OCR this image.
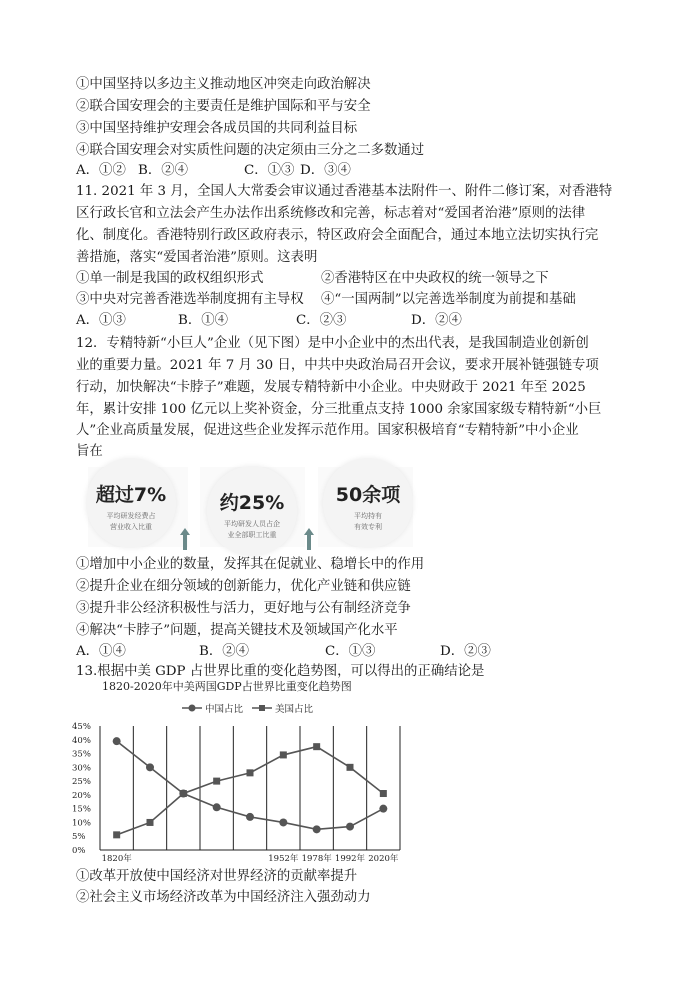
①中国坚持以多边主义推动地区冲突走向政治解决
②联合国安理会的主要责任是维护国际和平与安全
③中国坚持维护安理会各成员国的共同利益目标
④联合国安理会对实质性问题的决定须由三分之二多数通过
A．①② B．②④	C．①③ D．③④
11. 2021 年 3 月，全国人大常委会审议通过香港基本法附件一、附件二修订案，对香港特
区行政长官和立法会产生办法作出系统修改和完善，标志着对“爱国者治港”原则的法律
化、制度化。香港特别行政区政府表示，特区政府会全面配合，通过本地立法切实执行完
善措施，落实“爱国者治港”原则。这表明
①单一制是我国的政权组织形式	②香港特区在中央政权的统一领导之下
③中央对完善香港选举制度拥有主导权 ④“一国两制”以完善选举制度为前提和基础
A．①③	B．①④	C．②③	D．②④
12．专精特新“小巨人”企业（见下图）是中小企业中的杰出代表，是我国制造业创新创
业的重要力量。2021 年 7 月 30 日，中共中央政治局召开会议，要求开展补链强链专项
行动，加快解决“卡脖子”难题，发展专精特新中小企业。中央财政于 2021 年至 2025
年，累计安排 100 亿元以上奖补资金，分三批重点支持 1000 余家国家级专精特新“小巨
人”企业高质量发展，促进这些企业发挥示范作用。国家积极培育“专精特新”中小企业
旨在
超过7%
平均研发经费占
营业收入比重
约25%
平均研发人员占企
业全部职工比重
50余项
平均持有
有效专利
①增加中小企业的数量，发挥其在促就业、稳增长中的作用
②提升企业在细分领域的创新能力，优化产业链和供应链
③提升非公经济积极性与活力，更好地与公有制经济竞争
④解决“卡脖子”问题，提高关键技术及领域国产化水平
A．①④	B．②④	C．①③	D．②③
13.根据中美 GDP 占世界比重的变化趋势图，可以得出的正确结论是
1820-2020年中美两国GDP占世界比重变化趋势图
中国占比	美国占比
0%
5%
10%
15%
20%
25%
30%
35%
40%
45%
1820年	1952年 1978年 1992年 2020年
①改革开放使中国经济对世界经济的贡献率提升
②社会主义市场经济改革为中国经济注入强劲动力
